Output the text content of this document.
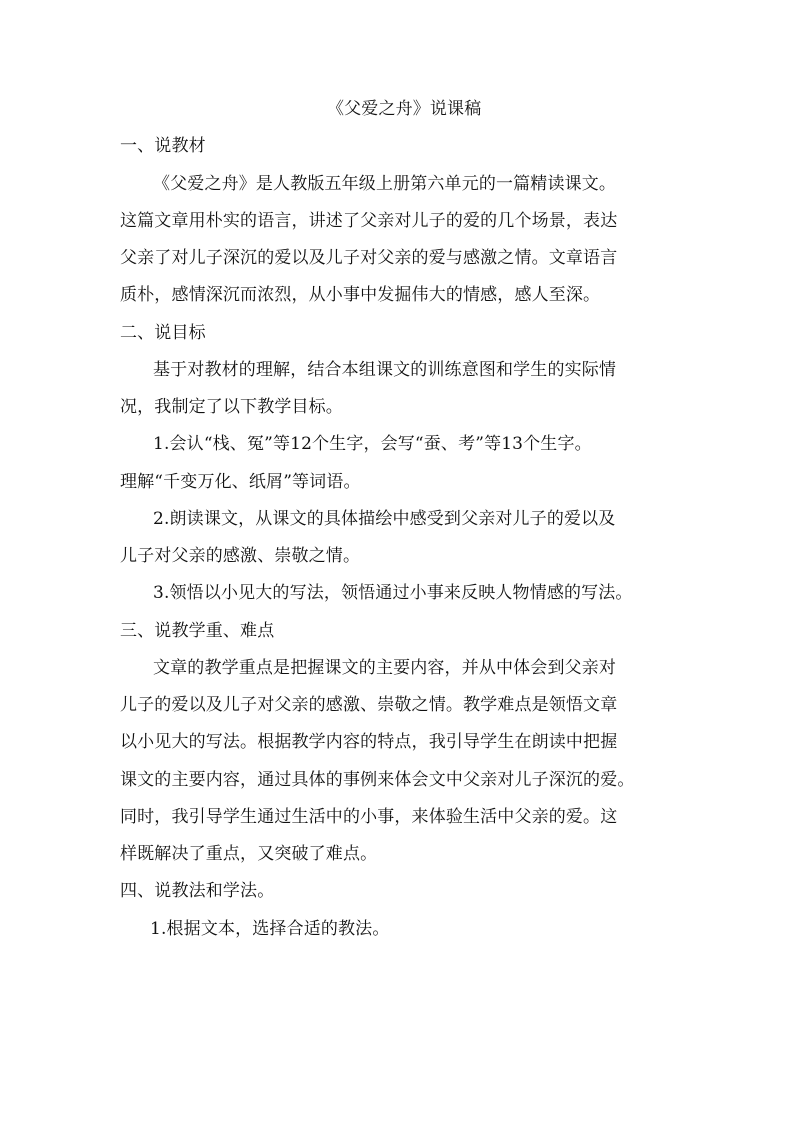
《父爱之舟》说课稿
一、说教材
《父爱之舟》是人教版五年级上册第六单元的一篇精读课文。
这篇文章用朴实的语言，讲述了父亲对儿子的爱的几个场景，表达
父亲了对儿子深沉的爱以及儿子对父亲的爱与感激之情。文章语言
质朴，感情深沉而浓烈，从小事中发掘伟大的情感，感人至深。
二、说目标
基于对教材的理解，结合本组课文的训练意图和学生的实际情
况，我制定了以下教学目标。
1.会认“栈、冤”等12个生字，会写“蚕、考”等13个生字。
理解“千变万化、纸屑”等词语。
2.朗读课文，从课文的具体描绘中感受到父亲对儿子的爱以及
儿子对父亲的感激、崇敬之情。
3.领悟以小见大的写法，领悟通过小事来反映人物情感的写法。
三、说教学重、难点
文章的教学重点是把握课文的主要内容，并从中体会到父亲对
儿子的爱以及儿子对父亲的感激、崇敬之情。教学难点是领悟文章
以小见大的写法。根据教学内容的特点，我引导学生在朗读中把握
课文的主要内容，通过具体的事例来体会文中父亲对儿子深沉的爱。
同时，我引导学生通过生活中的小事，来体验生活中父亲的爱。这
样既解决了重点，又突破了难点。
四、说教法和学法。
1.根据文本，选择合适的教法。
